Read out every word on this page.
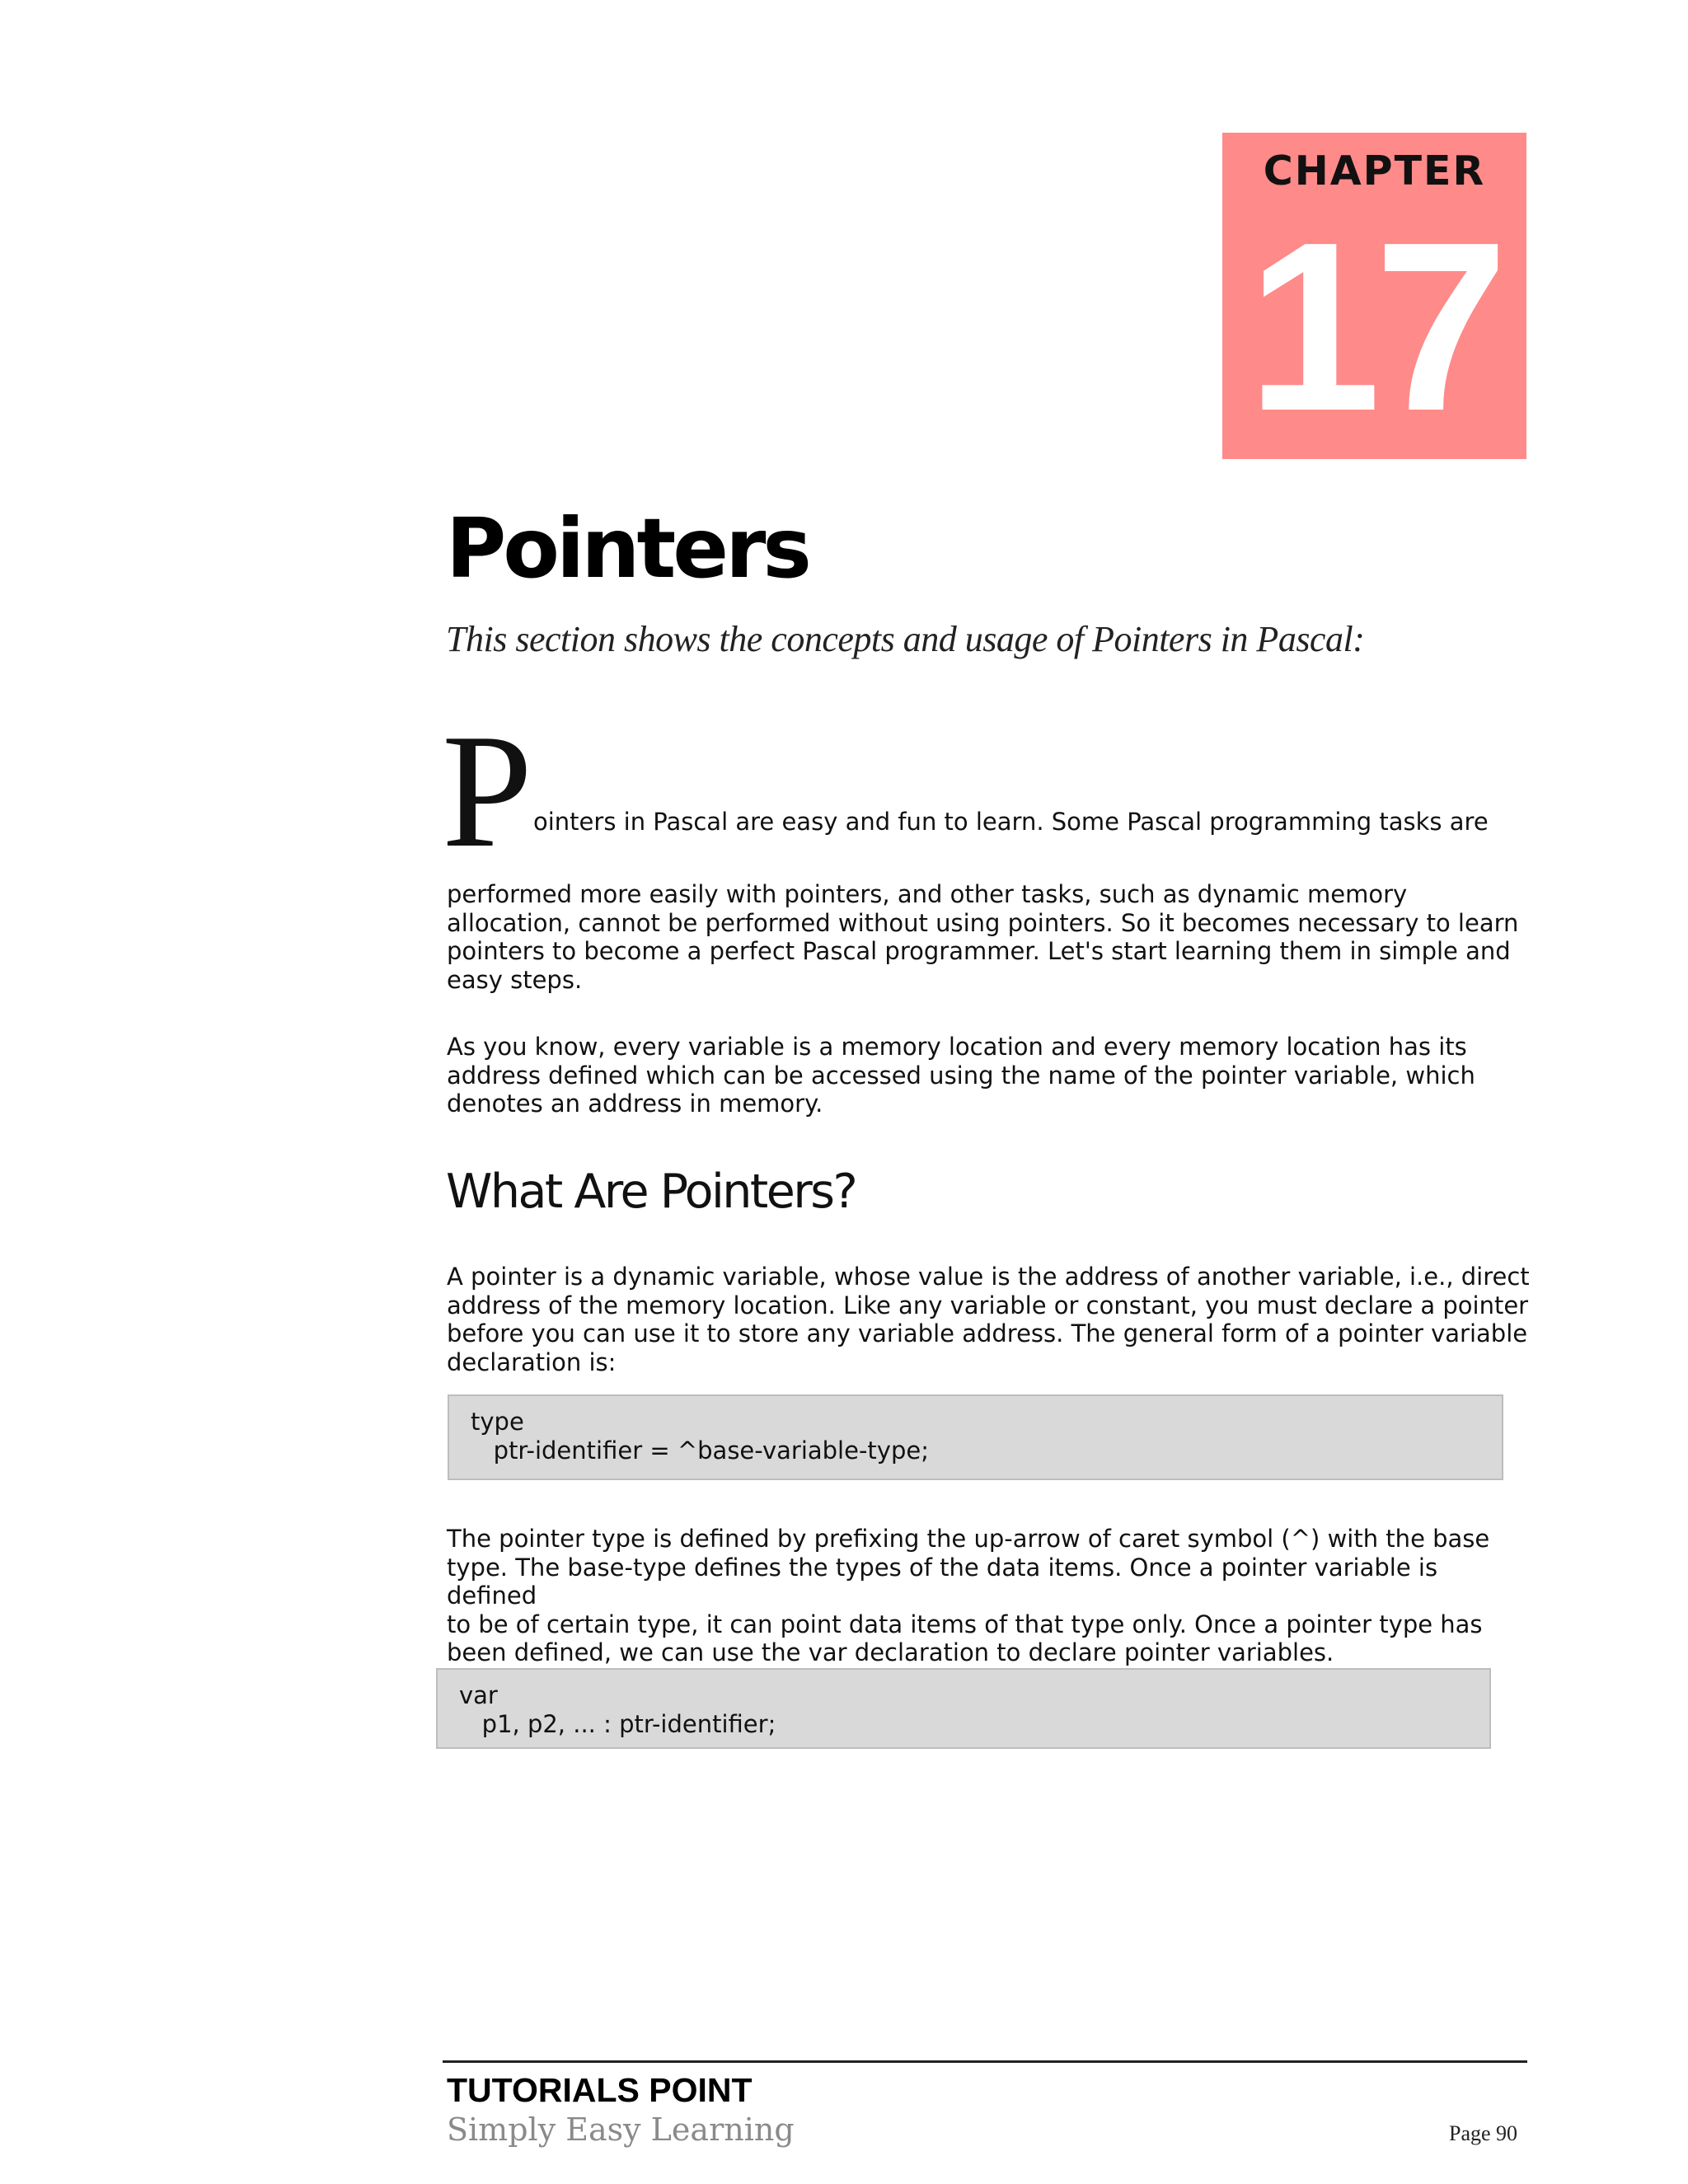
CHAPTER
17
Pointers

This section shows the concepts and usage of Pointers in Pascal:

P ointers in Pascal are easy and fun to learn. Some Pascal programming tasks are
performed more easily with pointers, and other tasks, such as dynamic memory
allocation, cannot be performed without using pointers. So it becomes necessary to learn
pointers to become a perfect Pascal programmer. Let's start learning them in simple and
easy steps.
As you know, every variable is a memory location and every memory location has its
address defined which can be accessed using the name of the pointer variable, which
denotes an address in memory.
What Are Pointers?
A pointer is a dynamic variable, whose value is the address of another variable, i.e., direct
address of the memory location. Like any variable or constant, you must declare a pointer
before you can use it to store any variable address. The general form of a pointer variable
declaration is:
type
ptr-identifier = ^base-variable-type;
The pointer type is defined by prefixing the up-arrow of caret symbol (^) with the base
type. The base-type defines the types of the data items. Once a pointer variable is defined
to be of certain type, it can point data items of that type only. Once a pointer type has
been defined, we can use the var declaration to declare pointer variables.
var
p1, p2, ... : ptr-identifier;
TUTORIALS POINT
Simply Easy Learning	Page 90
